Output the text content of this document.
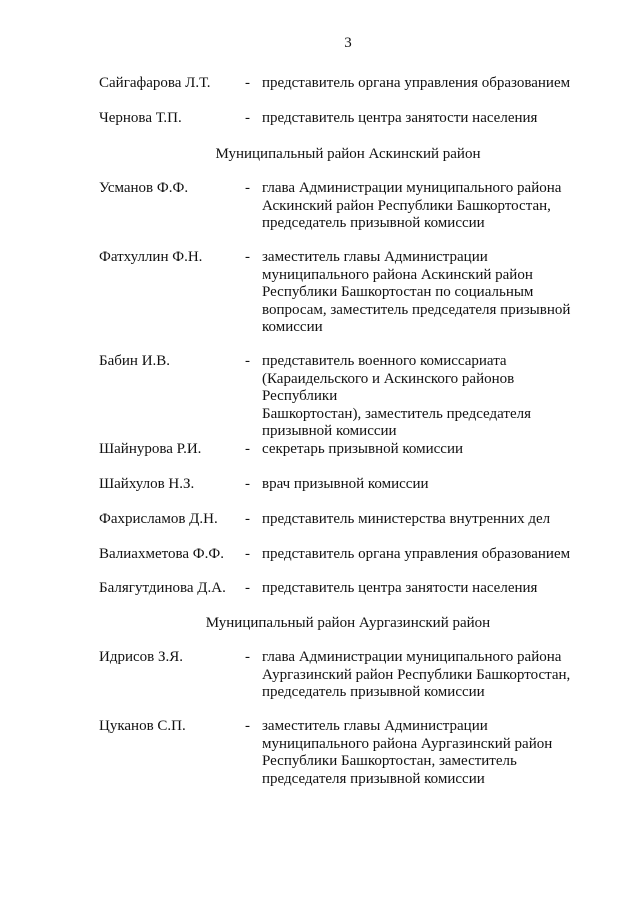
3
Сайгафарова Л.Т. - представитель органа управления образованием
Чернова Т.П.	- представитель центра занятости населения
Муниципальный район Аскинский район
Усманов Ф.Ф.	- глава Администрации муниципального района
Аскинский район Республики Башкортостан,
председатель призывной комиссии
Фатхуллин Ф.Н.	- заместитель главы Администрации
муниципального района Аскинский район
Республики Башкортостан по социальным
вопросам, заместитель председателя призывной
комиссии
Бабин И.В.	- представитель военного комиссариата
(Караидельского и Аскинского районов Республики
Башкортостан), заместитель председателя
призывной комиссии
Шайнурова Р.И.	- секретарь призывной комиссии
Шайхулов Н.З.	- врач призывной комиссии
Фахрисламов Д.Н. - представитель министерства внутренних дел
Валиахметова Ф.Ф. - представитель органа управления образованием
Балягутдинова Д.А. - представитель центра занятости населения
Муниципальный район Аургазинский район
Идрисов З.Я.	- глава Администрации муниципального района
Аургазинский район Республики Башкортостан,
председатель призывной комиссии
Цуканов С.П.	- заместитель главы Администрации
муниципального района Аургазинский район
Республики Башкортостан, заместитель
председателя призывной комиссии
